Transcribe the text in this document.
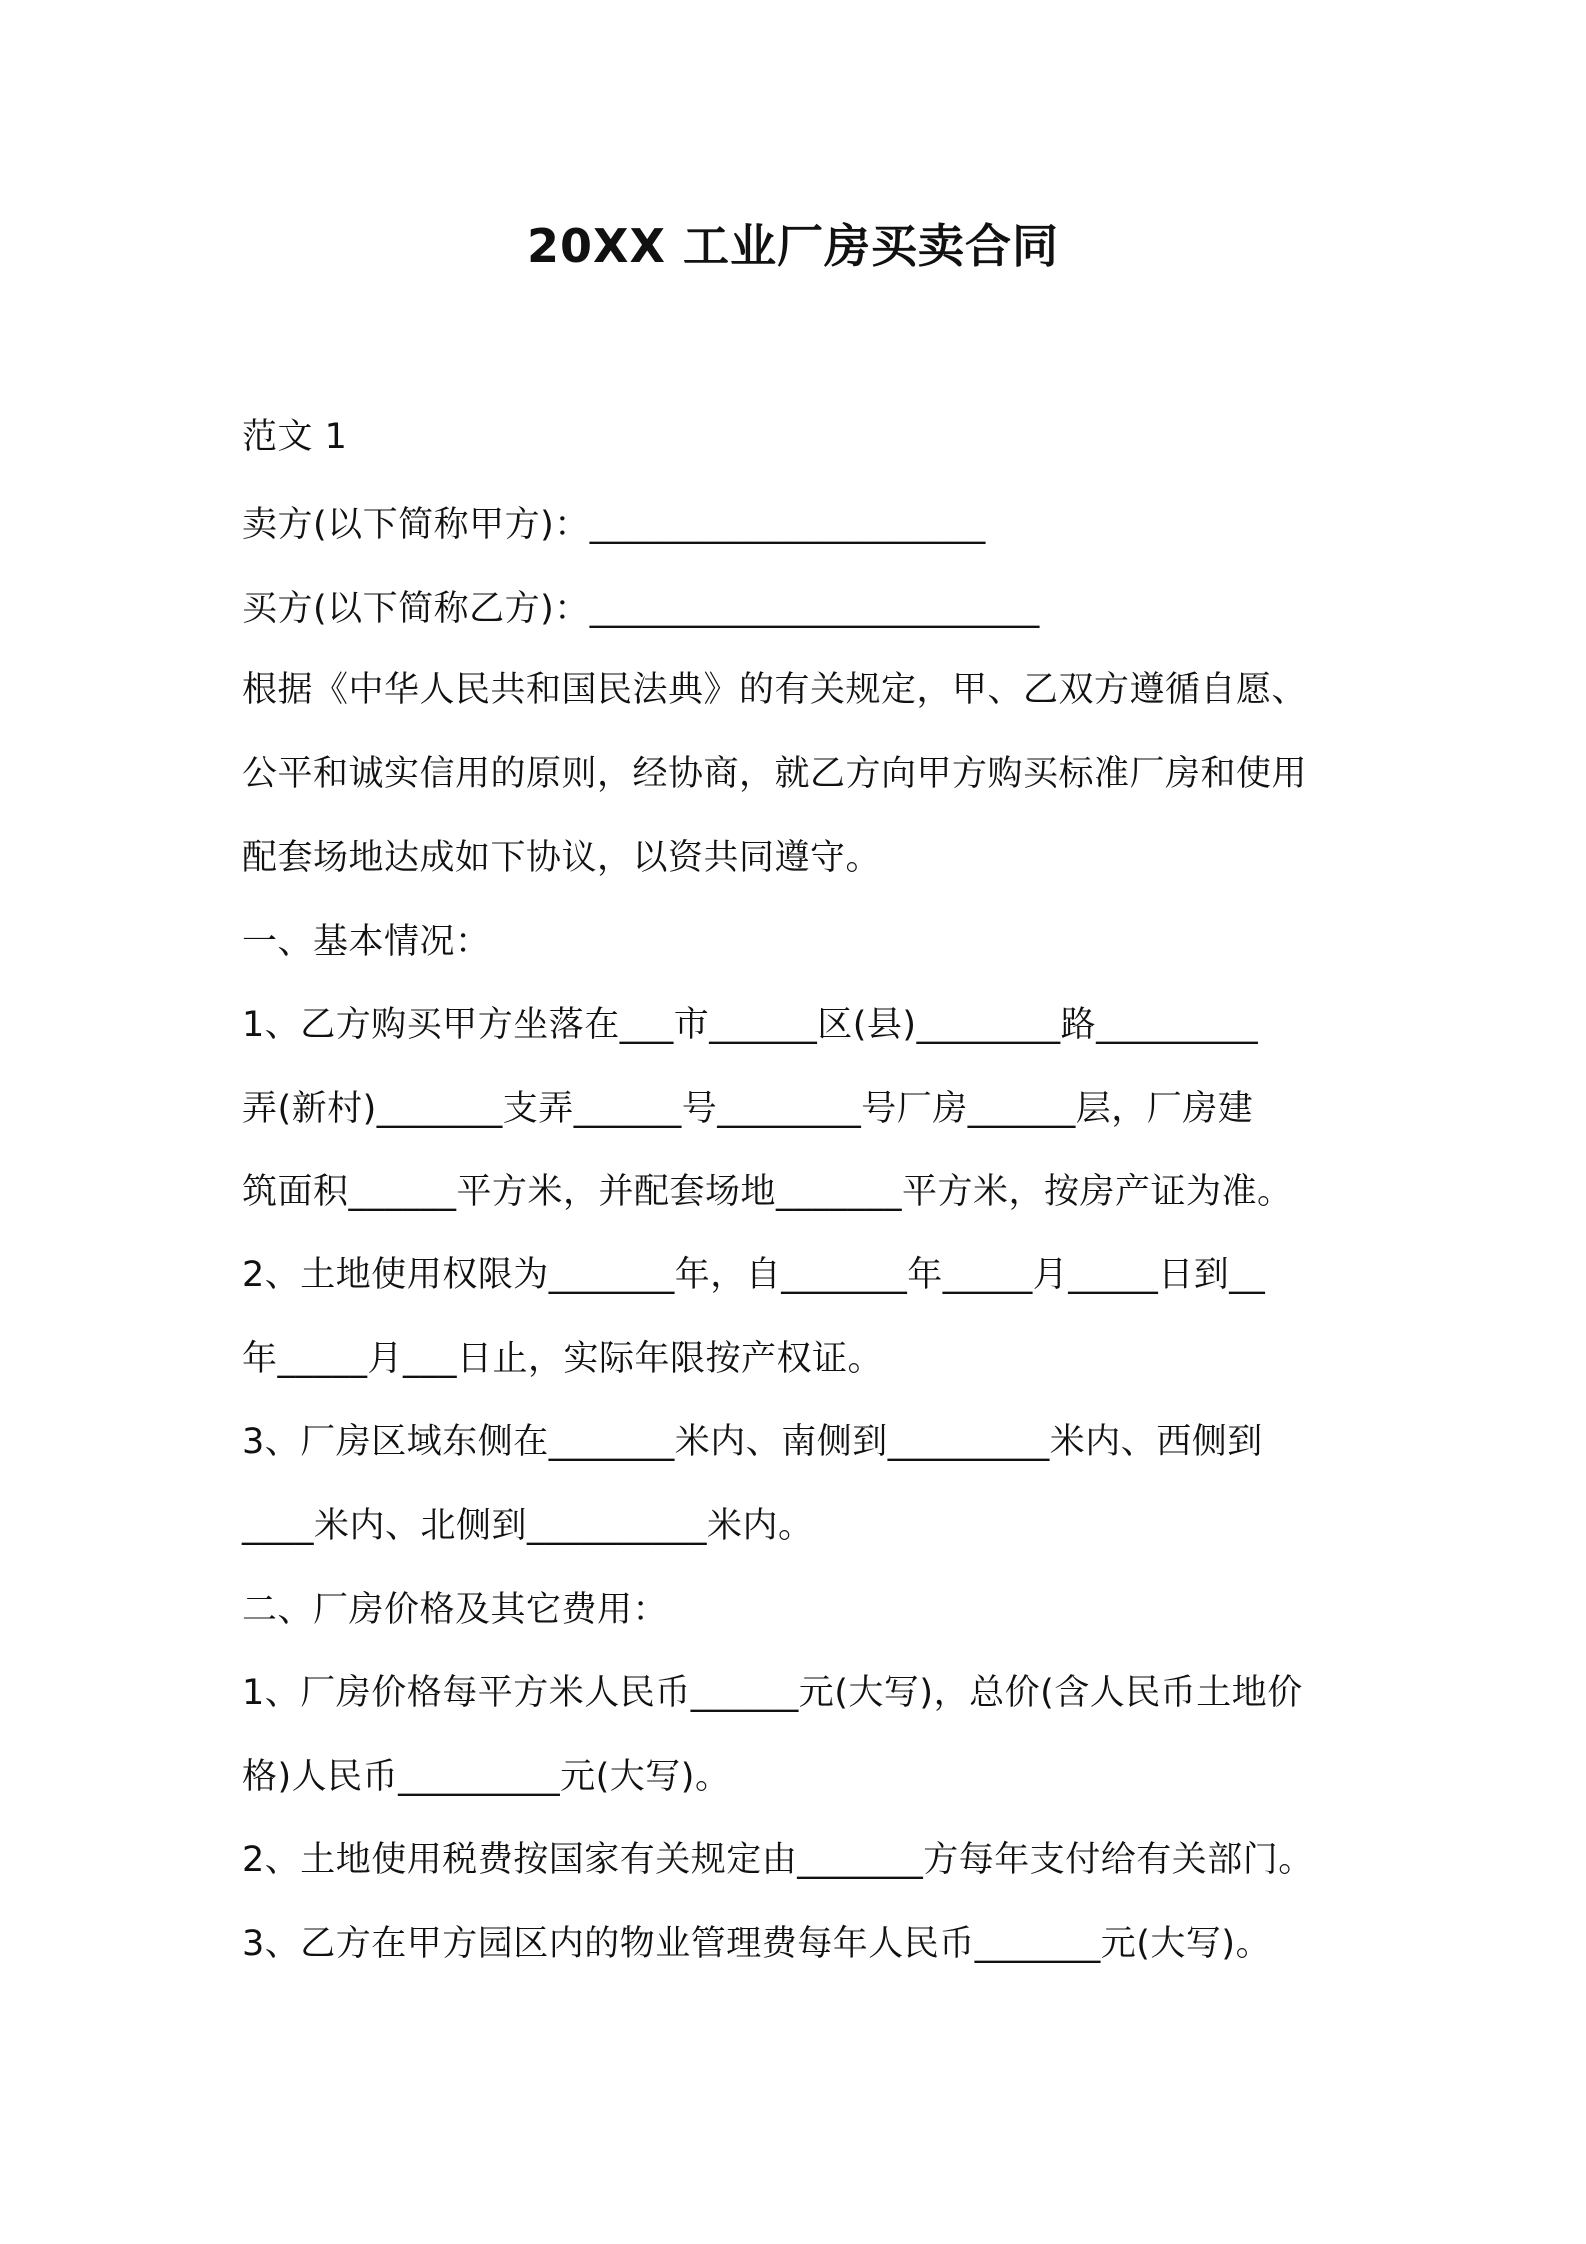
20XX 工业厂房买卖合同

范文 1

卖方(以下简称甲方)：______________________

买方(以下简称乙方)：_________________________

根据《中华人民共和国民法典》的有关规定，甲、乙双方遵循自愿、

公平和诚实信用的原则，经协商，就乙方向甲方购买标准厂房和使用

配套场地达成如下协议，以资共同遵守。

一、基本情况：

1、乙方购买甲方坐落在___市______区(县)________路_________

弄(新村)_______支弄______号________号厂房______层，厂房建

筑面积______平方米，并配套场地_______平方米，按房产证为准。

2、土地使用权限为_______年，自_______年_____月_____日到__

年_____月___日止，实际年限按产权证。

3、厂房区域东侧在_______米内、南侧到_________米内、西侧到

____米内、北侧到__________米内。

二、厂房价格及其它费用：

1、厂房价格每平方米人民币______元(大写)，总价(含人民币土地价

格)人民币_________元(大写)。

2、土地使用税费按国家有关规定由_______方每年支付给有关部门。

3、乙方在甲方园区内的物业管理费每年人民币_______元(大写)。
